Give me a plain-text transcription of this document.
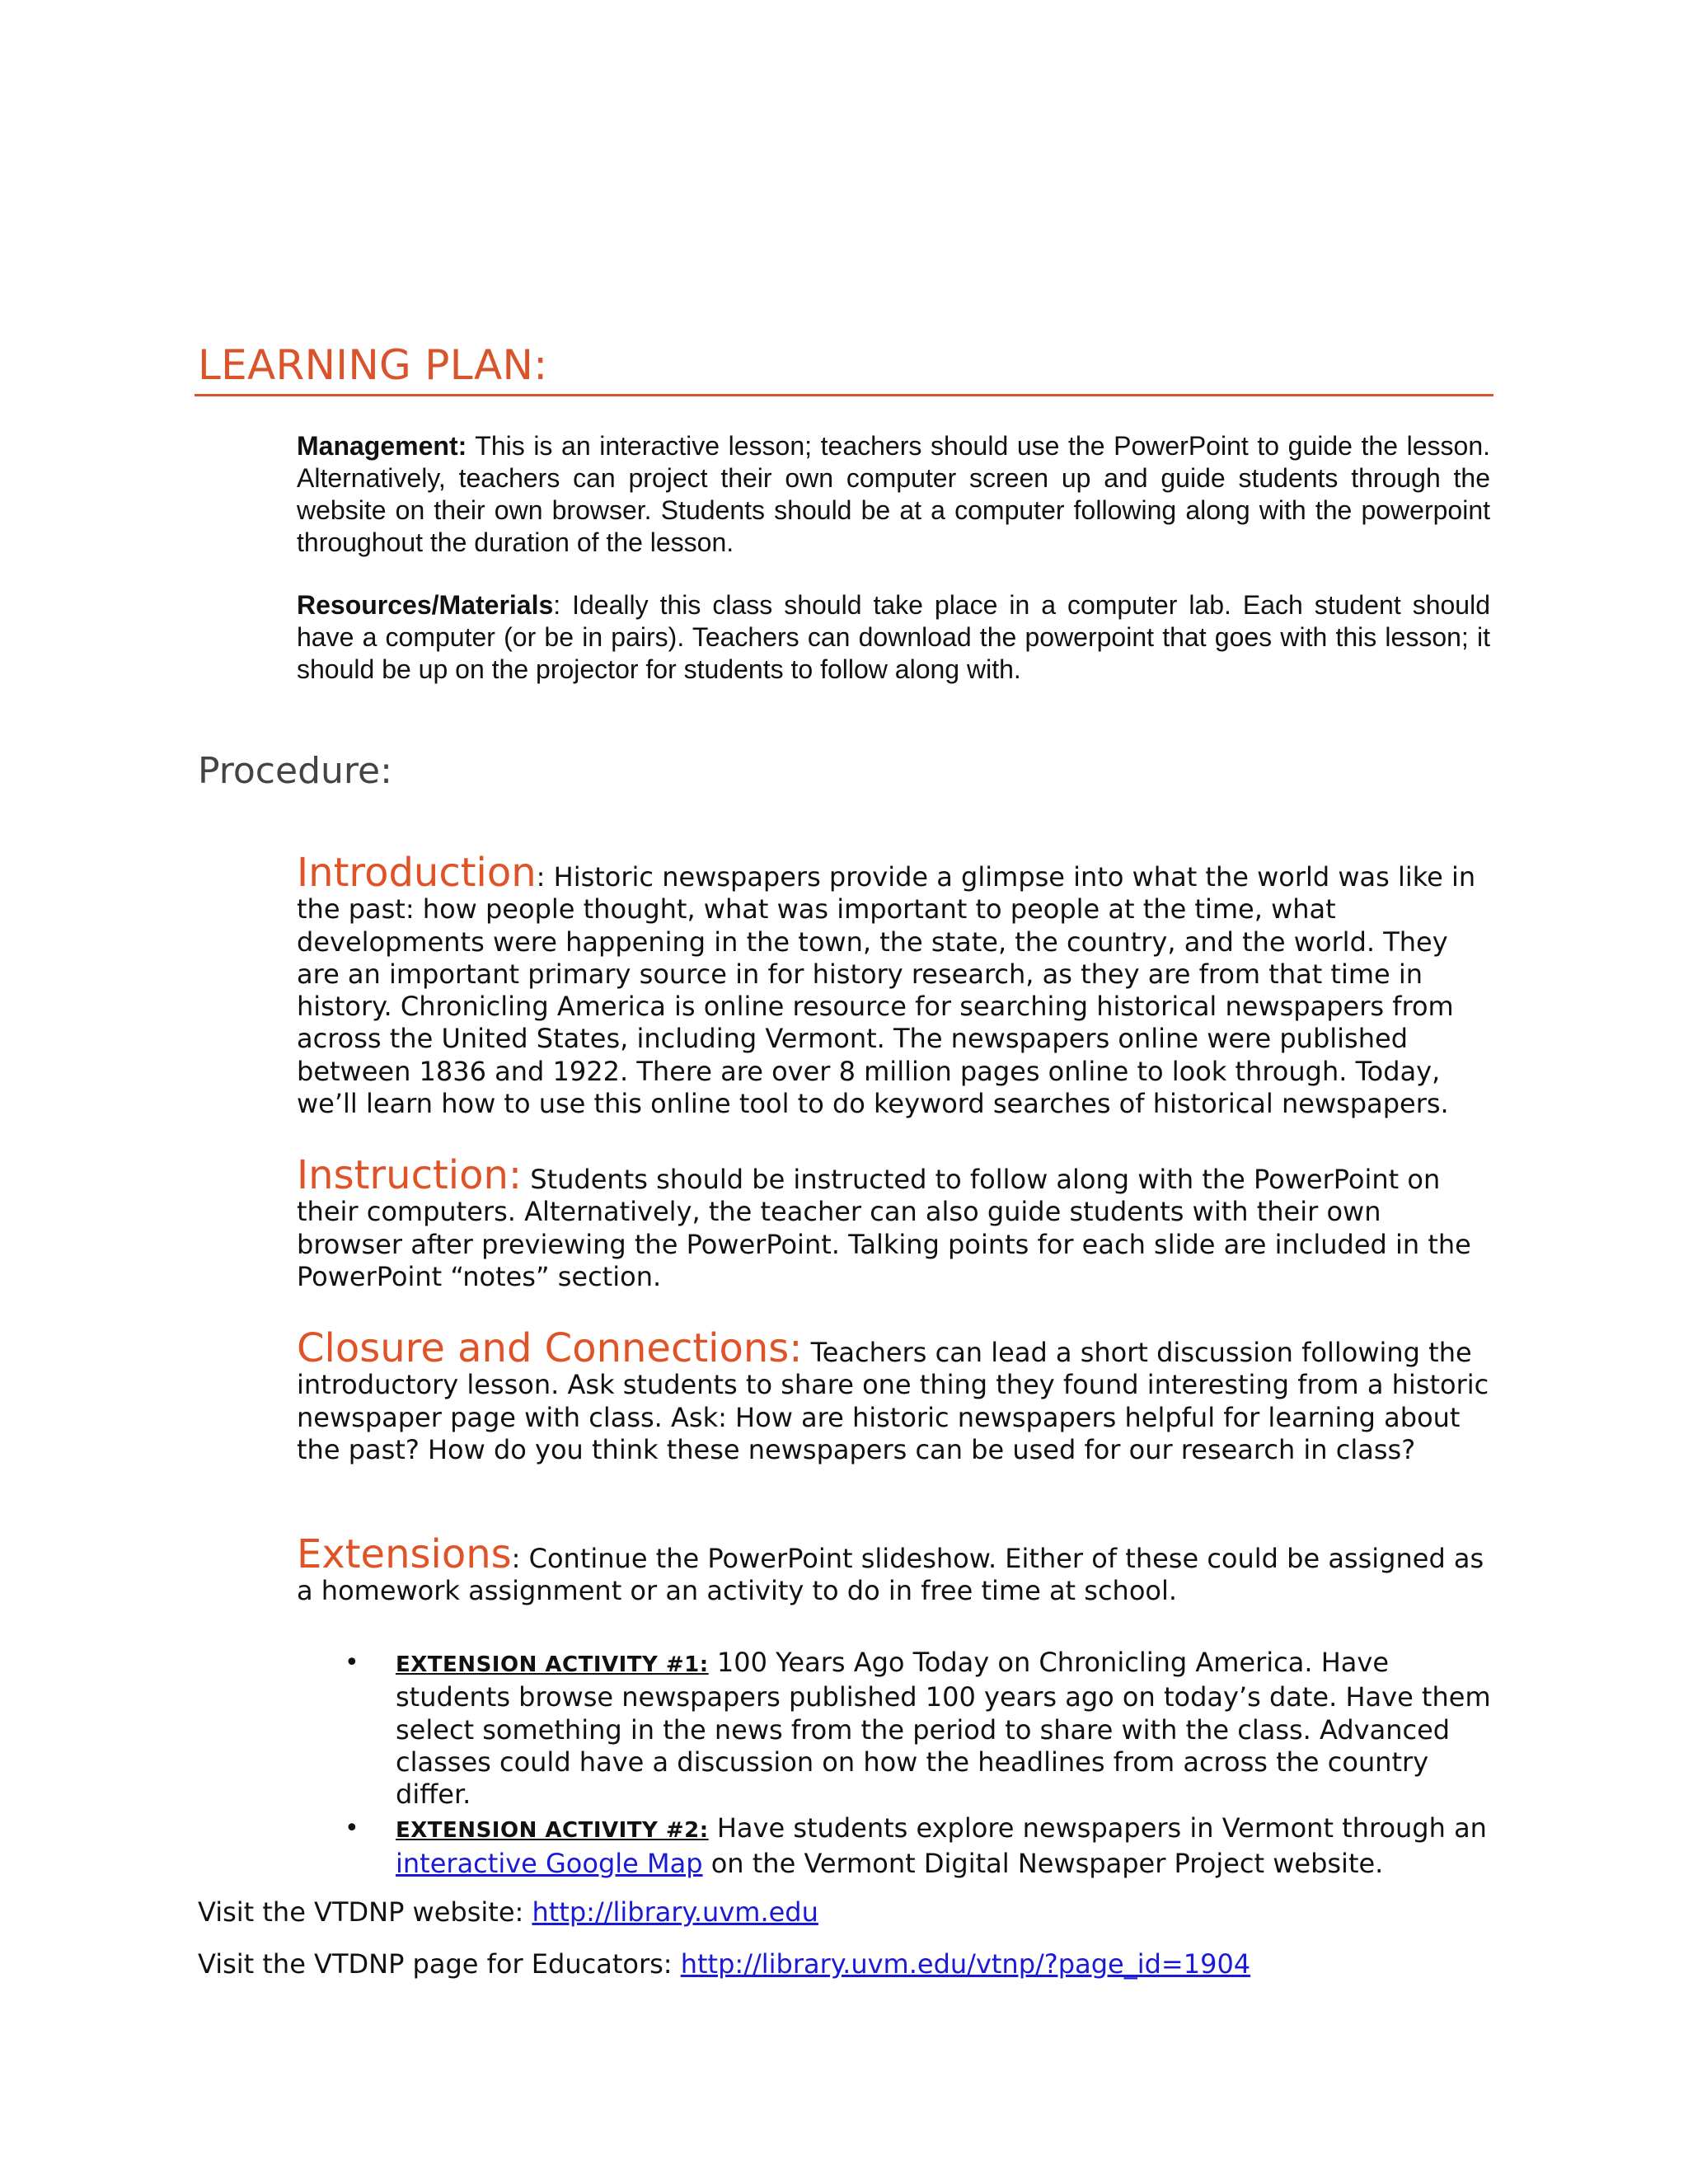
LEARNING PLAN:

Management: This is an interactive lesson; teachers should use the PowerPoint to guide the lesson. Alternatively, teachers can project their own computer screen up and guide students through the website on their own browser. Students should be at a computer following along with the powerpoint throughout the duration of the lesson.

Resources/Materials: Ideally this class should take place in a computer lab. Each student should have a computer (or be in pairs). Teachers can download the powerpoint that goes with this lesson; it should be up on the projector for students to follow along with.

Procedure:

Introduction: Historic newspapers provide a glimpse into what the world was like in the past: how people thought, what was important to people at the time, what developments were happening in the town, the state, the country, and the world. They are an important primary source in for history research, as they are from that time in history. Chronicling America is online resource for searching historical newspapers from across the United States, including Vermont. The newspapers online were published between 1836 and 1922. There are over 8 million pages online to look through. Today, we’ll learn how to use this online tool to do keyword searches of historical newspapers.

Instruction: Students should be instructed to follow along with the PowerPoint on their computers. Alternatively, the teacher can also guide students with their own browser after previewing the PowerPoint. Talking points for each slide are included in the PowerPoint “notes” section.

Closure and Connections: Teachers can lead a short discussion following the introductory lesson. Ask students to share one thing they found interesting from a historic newspaper page with class. Ask: How are historic newspapers helpful for learning about the past? How do you think these newspapers can be used for our research in class?

Extensions: Continue the PowerPoint slideshow. Either of these could be assigned as a homework assignment or an activity to do in free time at school.

• EXTENSION ACTIVITY #1: 100 Years Ago Today on Chronicling America. Have students browse newspapers published 100 years ago on today’s date. Have them select something in the news from the period to share with the class. Advanced classes could have a discussion on how the headlines from across the country differ.
• EXTENSION ACTIVITY #2: Have students explore newspapers in Vermont through an interactive Google Map on the Vermont Digital Newspaper Project website.

Visit the VTDNP website: http://library.uvm.edu

Visit the VTDNP page for Educators: http://library.uvm.edu/vtnp/?page_id=1904
